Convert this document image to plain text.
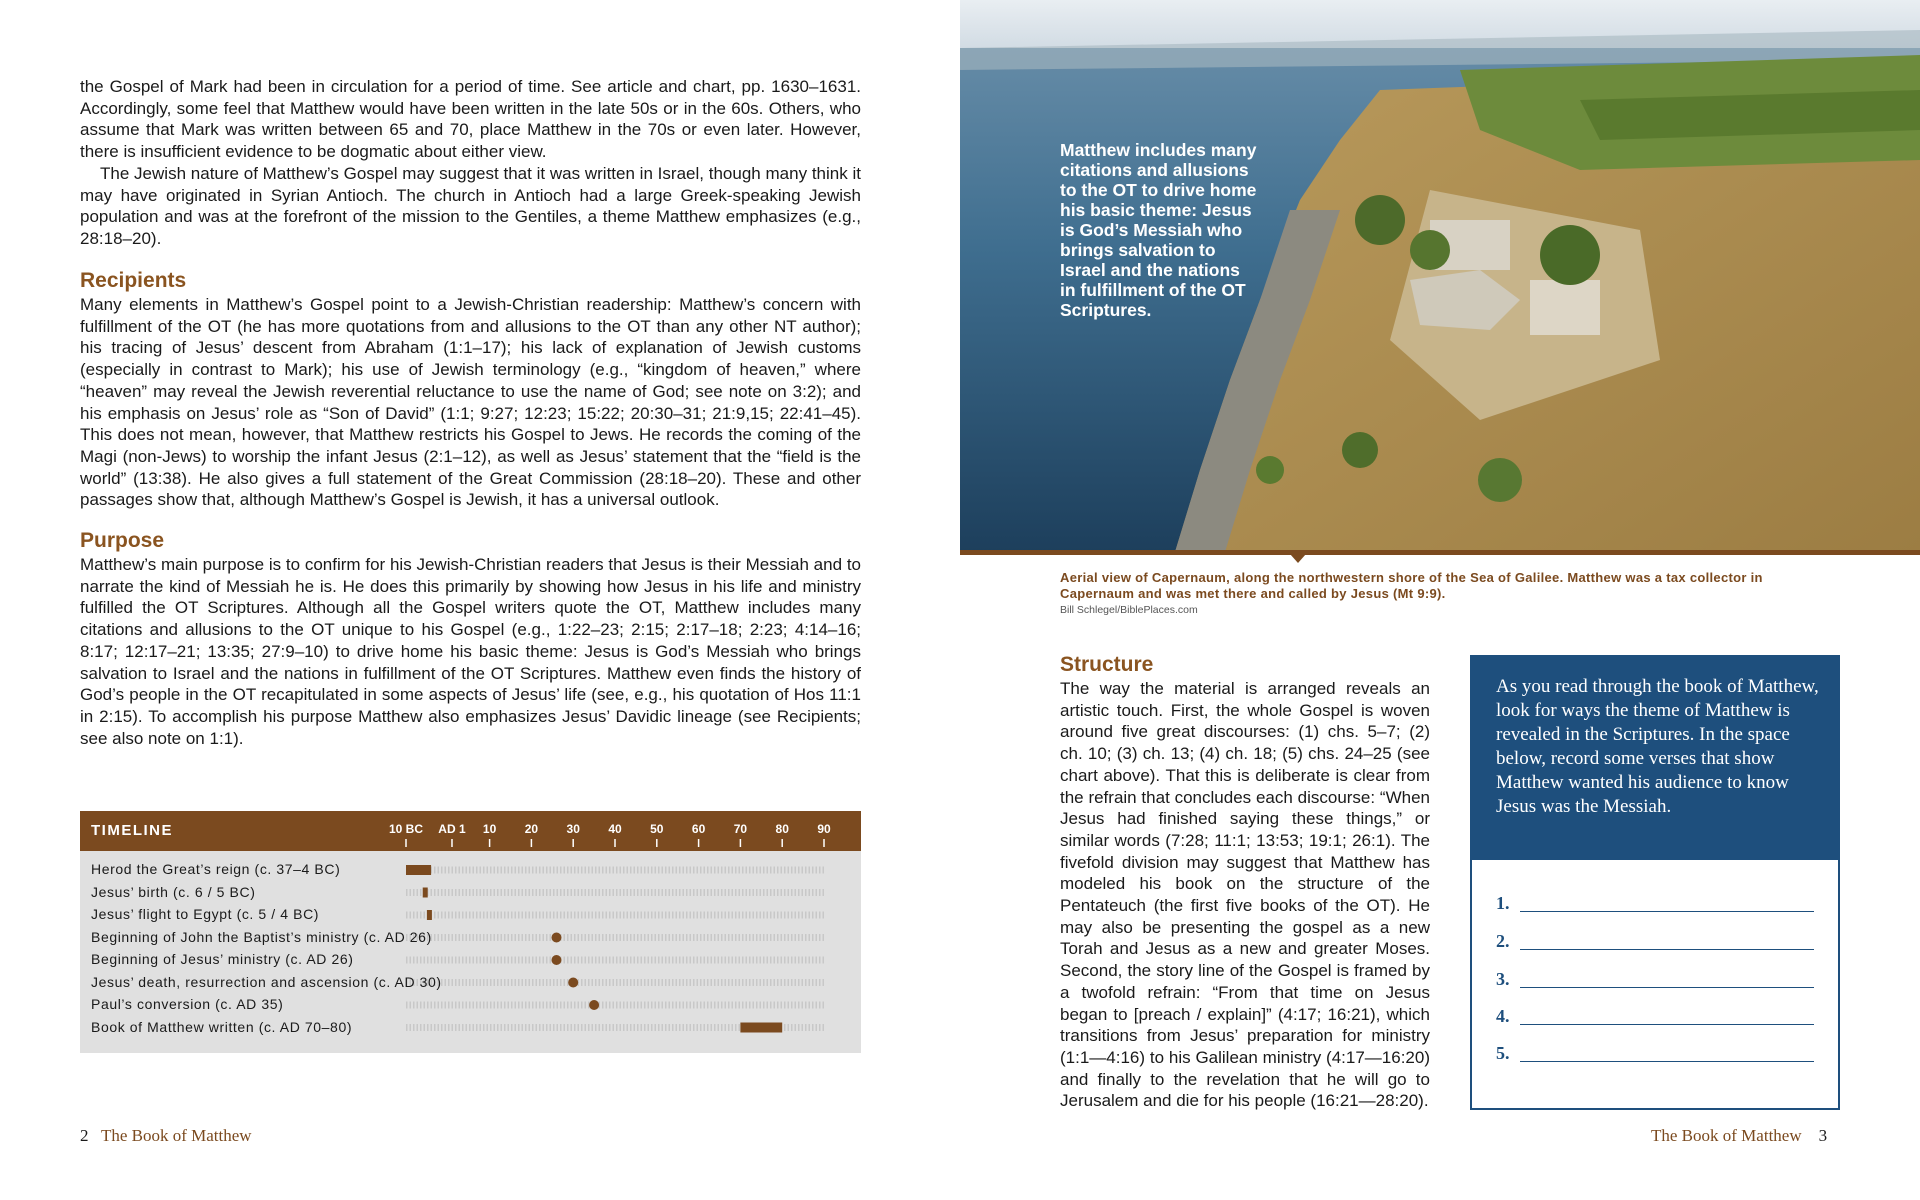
the Gospel of Mark had been in circulation for a period of time. See article and chart, pp. 1630–1631. Accordingly, some feel that Matthew would have been written in the late 50s or in the 60s. Others, who assume that Mark was written between 65 and 70, place Matthew in the 70s or even later. However, there is insufficient evidence to be dogmatic about either view.

The Jewish nature of Matthew’s Gospel may suggest that it was written in Israel, though many think it may have originated in Syrian Antioch. The church in Antioch had a large Greek-speaking Jewish population and was at the forefront of the mission to the Gentiles, a theme Matthew emphasizes (e.g., 28:18–20).

Recipients

Many elements in Matthew’s Gospel point to a Jewish-Christian readership: Matthew’s concern with fulfillment of the OT (he has more quotations from and allusions to the OT than any other NT author); his tracing of Jesus’ descent from Abraham (1:1–17); his lack of explanation of Jewish customs (especially in contrast to Mark); his use of Jewish terminology (e.g., “kingdom of heaven,” where “heaven” may reveal the Jewish reverential reluctance to use the name of God; see note on 3:2); and his emphasis on Jesus’ role as “Son of David” (1:1; 9:27; 12:23; 15:22; 20:30–31; 21:9,15; 22:41–45). This does not mean, however, that Matthew restricts his Gospel to Jews. He records the coming of the Magi (non-Jews) to worship the infant Jesus (2:1–12), as well as Jesus’ statement that the “field is the world” (13:38). He also gives a full statement of the Great Commission (28:18–20). These and other passages show that, although Matthew’s Gospel is Jewish, it has a universal outlook.

Purpose

Matthew’s main purpose is to confirm for his Jewish-Christian readers that Jesus is their Messiah and to narrate the kind of Messiah he is. He does this primarily by showing how Jesus in his life and ministry fulfilled the OT Scriptures. Although all the Gospel writers quote the OT, Matthew includes many citations and allusions to the OT unique to his Gospel (e.g., 1:22–23; 2:15; 2:17–18; 2:23; 4:14–16; 8:17; 12:17–21; 13:35; 27:9–10) to drive home his basic theme: Jesus is God’s Messiah who brings salvation to Israel and the nations in fulfillment of the OT Scriptures. Matthew even finds the history of God’s people in the OT recapitulated in some aspects of Jesus’ life (see, e.g., his quotation of Hos 11:1 in 2:15). To accomplish his purpose Matthew also emphasizes Jesus’ Davidic lineage (see Recipients; see also note on 1:1).

TIMELINE	10 BC AD 1 10 20 30 40 50 60 70 80 90
Herod the Great’s reign (c. 37–4 BC)
Jesus’ birth (c. 6 / 5 BC)
Jesus’ flight to Egypt (c. 5 / 4 BC)
Beginning of John the Baptist’s ministry (c. AD 26)
Beginning of Jesus’ ministry (c. AD 26)
Jesus’ death, resurrection and ascension (c. AD 30)
Paul’s conversion (c. AD 35)
Book of Matthew written (c. AD 70–80)
2 The Book of Matthew
Matthew includes many citations and allusions to the OT to drive home his basic theme: Jesus is God’s Messiah who brings salvation to Israel and the nations in fulfillment of the OT Scriptures.
Aerial view of Capernaum, along the northwestern shore of the Sea of Galilee. Matthew was a tax collector in Capernaum and was met there and called by Jesus (Mt 9:9).
Bill Schlegel/BiblePlaces.com
Structure

The way the material is arranged reveals an artistic touch. First, the whole Gospel is woven around five great discourses: (1) chs. 5–7; (2) ch. 10; (3) ch. 13; (4) ch. 18; (5) chs. 24–25 (see chart above). That this is deliberate is clear from the refrain that concludes each discourse: “When Jesus had finished saying these things,” or similar words (7:28; 11:1; 13:53; 19:1; 26:1). The fivefold division may suggest that Matthew has modeled his book on the structure of the Pentateuch (the first five books of the OT). He may also be presenting the gospel as a new Torah and Jesus as a new and greater Moses. Second, the story line of the Gospel is framed by a twofold refrain: “From that time on Jesus began to [preach / explain]” (4:17; 16:21), which transitions from Jesus’ preparation for ministry (1:1—4:16) to his Galilean ministry (4:17—16:20) and finally to the revelation that he will go to Jerusalem and die for his people (16:21—28:20).

As you read through the book of Matthew, look for ways the theme of Matthew is revealed in the Scriptures. In the space below, record some verses that show Matthew wanted his audience to know Jesus was the Messiah.
1.
2.
3.
4.
5.
The Book of Matthew 3
